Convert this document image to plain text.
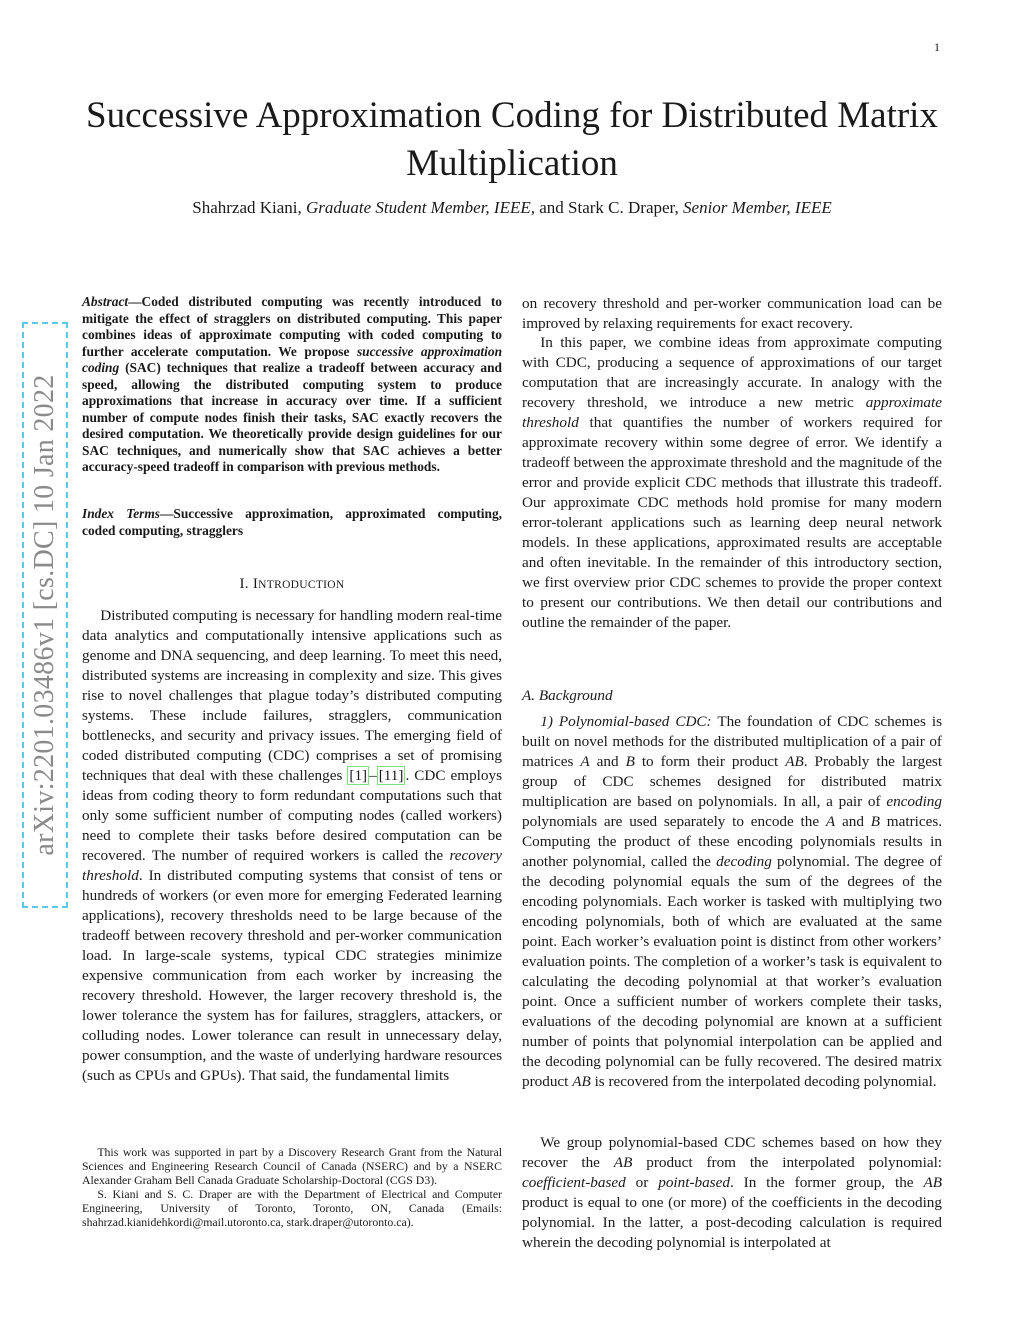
1
Successive Approximation Coding for Distributed Matrix Multiplication
Shahrzad Kiani, Graduate Student Member, IEEE, and Stark C. Draper, Senior Member, IEEE
arXiv:2201.03486v1 [cs.DC] 10 Jan 2022

Abstract—Coded distributed computing was recently introduced to mitigate the effect of stragglers on distributed computing. This paper combines ideas of approximate computing with coded computing to further accelerate computation. We propose successive approximation coding (SAC) techniques that realize a tradeoff between accuracy and speed, allowing the distributed computing system to produce approximations that increase in accuracy over time. If a sufficient number of compute nodes finish their tasks, SAC exactly recovers the desired computation. We theoretically provide design guidelines for our SAC techniques, and numerically show that SAC achieves a better accuracy-speed tradeoff in comparison with previous methods.

Index Terms—Successive approximation, approximated computing, coded computing, stragglers

I. INTRODUCTION

Distributed computing is necessary for handling modern real-time data analytics and computationally intensive applications such as genome and DNA sequencing, and deep learning. To meet this need, distributed systems are increasing in complexity and size. This gives rise to novel challenges that plague today’s distributed computing systems. These include failures, stragglers, communication bottlenecks, and security and privacy issues. The emerging field of coded distributed computing (CDC) comprises a set of promising techniques that deal with these challenges [1] – [11] . CDC employs ideas from coding theory to form redundant computations such that only some sufficient number of computing nodes (called workers) need to complete their tasks before desired computation can be recovered. The number of required workers is called the recovery threshold. In distributed computing systems that consist of tens or hundreds of workers (or even more for emerging Federated learning applications), recovery thresholds need to be large because of the tradeoff between recovery threshold and per-worker communication load. In large-scale systems, typical CDC strategies minimize expensive communication from each worker by increasing the recovery threshold. However, the larger recovery threshold is, the lower tolerance the system has for failures, stragglers, attackers, or colluding nodes. Lower tolerance can result in unnecessary delay, power consumption, and the waste of underlying hardware resources (such as CPUs and GPUs). That said, the fundamental limits

This work was supported in part by a Discovery Research Grant from the Natural Sciences and Engineering Research Council of Canada (NSERC) and by a NSERC Alexander Graham Bell Canada Graduate Scholarship-Doctoral (CGS D3).

S. Kiani and S. C. Draper are with the Department of Electrical and Computer Engineering, University of Toronto, Toronto, ON, Canada (Emails: shahrzad.kianidehkordi@mail.utoronto.ca, stark.draper@utoronto.ca).

on recovery threshold and per-worker communication load can be improved by relaxing requirements for exact recovery.

In this paper, we combine ideas from approximate computing with CDC, producing a sequence of approximations of our target computation that are increasingly accurate. In analogy with the recovery threshold, we introduce a new metric approximate threshold that quantifies the number of workers required for approximate recovery within some degree of error. We identify a tradeoff between the approximate threshold and the magnitude of the error and provide explicit CDC methods that illustrate this tradeoff. Our approximate CDC methods hold promise for many modern error-tolerant applications such as learning deep neural network models. In these applications, approximated results are acceptable and often inevitable. In the remainder of this introductory section, we first overview prior CDC schemes to provide the proper context to present our contributions. We then detail our contributions and outline the remainder of the paper.

A. Background

1) Polynomial-based CDC: The foundation of CDC schemes is built on novel methods for the distributed multiplication of a pair of matrices A and B to form their product AB. Probably the largest group of CDC schemes designed for distributed matrix multiplication are based on polynomials. In all, a pair of encoding polynomials are used separately to encode the A and B matrices. Computing the product of these encoding polynomials results in another polynomial, called the decoding polynomial. The degree of the decoding polynomial equals the sum of the degrees of the encoding polynomials. Each worker is tasked with multiplying two encoding polynomials, both of which are evaluated at the same point. Each worker’s evaluation point is distinct from other workers’ evaluation points. The completion of a worker’s task is equivalent to calculating the decoding polynomial at that worker’s evaluation point. Once a sufficient number of workers complete their tasks, evaluations of the decoding polynomial are known at a sufficient number of points that polynomial interpolation can be applied and the decoding polynomial can be fully recovered. The desired matrix product AB is recovered from the interpolated decoding polynomial.

We group polynomial-based CDC schemes based on how they recover the AB product from the interpolated polynomial: coefficient-based or point-based. In the former group, the AB product is equal to one (or more) of the coefficients in the decoding polynomial. In the latter, a post-decoding calculation is required wherein the decoding polynomial is interpolated at
